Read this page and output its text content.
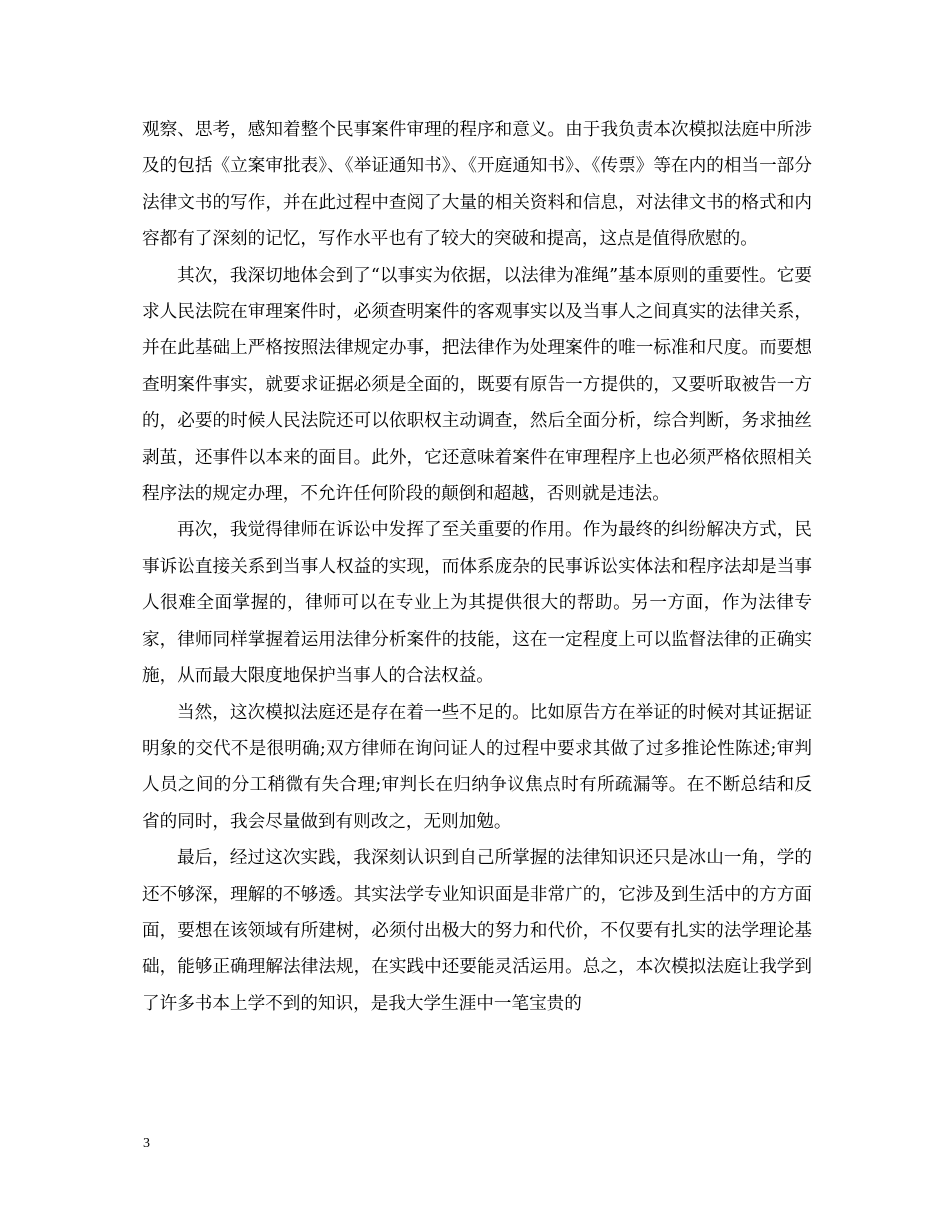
观察、思考，感知着整个民事案件审理的程序和意义。由于我负责本次模拟法庭中所涉及的包括《立案审批表》、《举证通知书》、《开庭通知书》、《传票》等在内的相当一部分法律文书的写作，并在此过程中查阅了大量的相关资料和信息，对法律文书的格式和内容都有了深刻的记忆，写作水平也有了较大的突破和提高，这点是值得欣慰的。

其次，我深切地体会到了“以事实为依据，以法律为准绳”基本原则的重要性。它要求人民法院在审理案件时，必须查明案件的客观事实以及当事人之间真实的法律关系，并在此基础上严格按照法律规定办事，把法律作为处理案件的唯一标准和尺度。而要想查明案件事实，就要求证据必须是全面的，既要有原告一方提供的，又要听取被告一方的，必要的时候人民法院还可以依职权主动调查，然后全面分析，综合判断，务求抽丝剥茧，还事件以本来的面目。此外，它还意味着案件在审理程序上也必须严格依照相关程序法的规定办理，不允许任何阶段的颠倒和超越，否则就是违法。

再次，我觉得律师在诉讼中发挥了至关重要的作用。作为最终的纠纷解决方式，民事诉讼直接关系到当事人权益的实现，而体系庞杂的民事诉讼实体法和程序法却是当事人很难全面掌握的，律师可以在专业上为其提供很大的帮助。另一方面，作为法律专家，律师同样掌握着运用法律分析案件的技能，这在一定程度上可以监督法律的正确实施，从而最大限度地保护当事人的合法权益。

当然，这次模拟法庭还是存在着一些不足的。比如原告方在举证的时候对其证据证明象的交代不是很明确;双方律师在询问证人的过程中要求其做了过多推论性陈述;审判人员之间的分工稍微有失合理;审判长在归纳争议焦点时有所疏漏等。在不断总结和反省的同时，我会尽量做到有则改之，无则加勉。

最后，经过这次实践，我深刻认识到自己所掌握的法律知识还只是冰山一角，学的还不够深，理解的不够透。其实法学专业知识面是非常广的，它涉及到生活中的方方面面，要想在该领域有所建树，必须付出极大的努力和代价，不仅要有扎实的法学理论基础，能够正确理解法律法规，在实践中还要能灵活运用。总之，本次模拟法庭让我学到了许多书本上学不到的知识，是我大学生涯中一笔宝贵的

3
